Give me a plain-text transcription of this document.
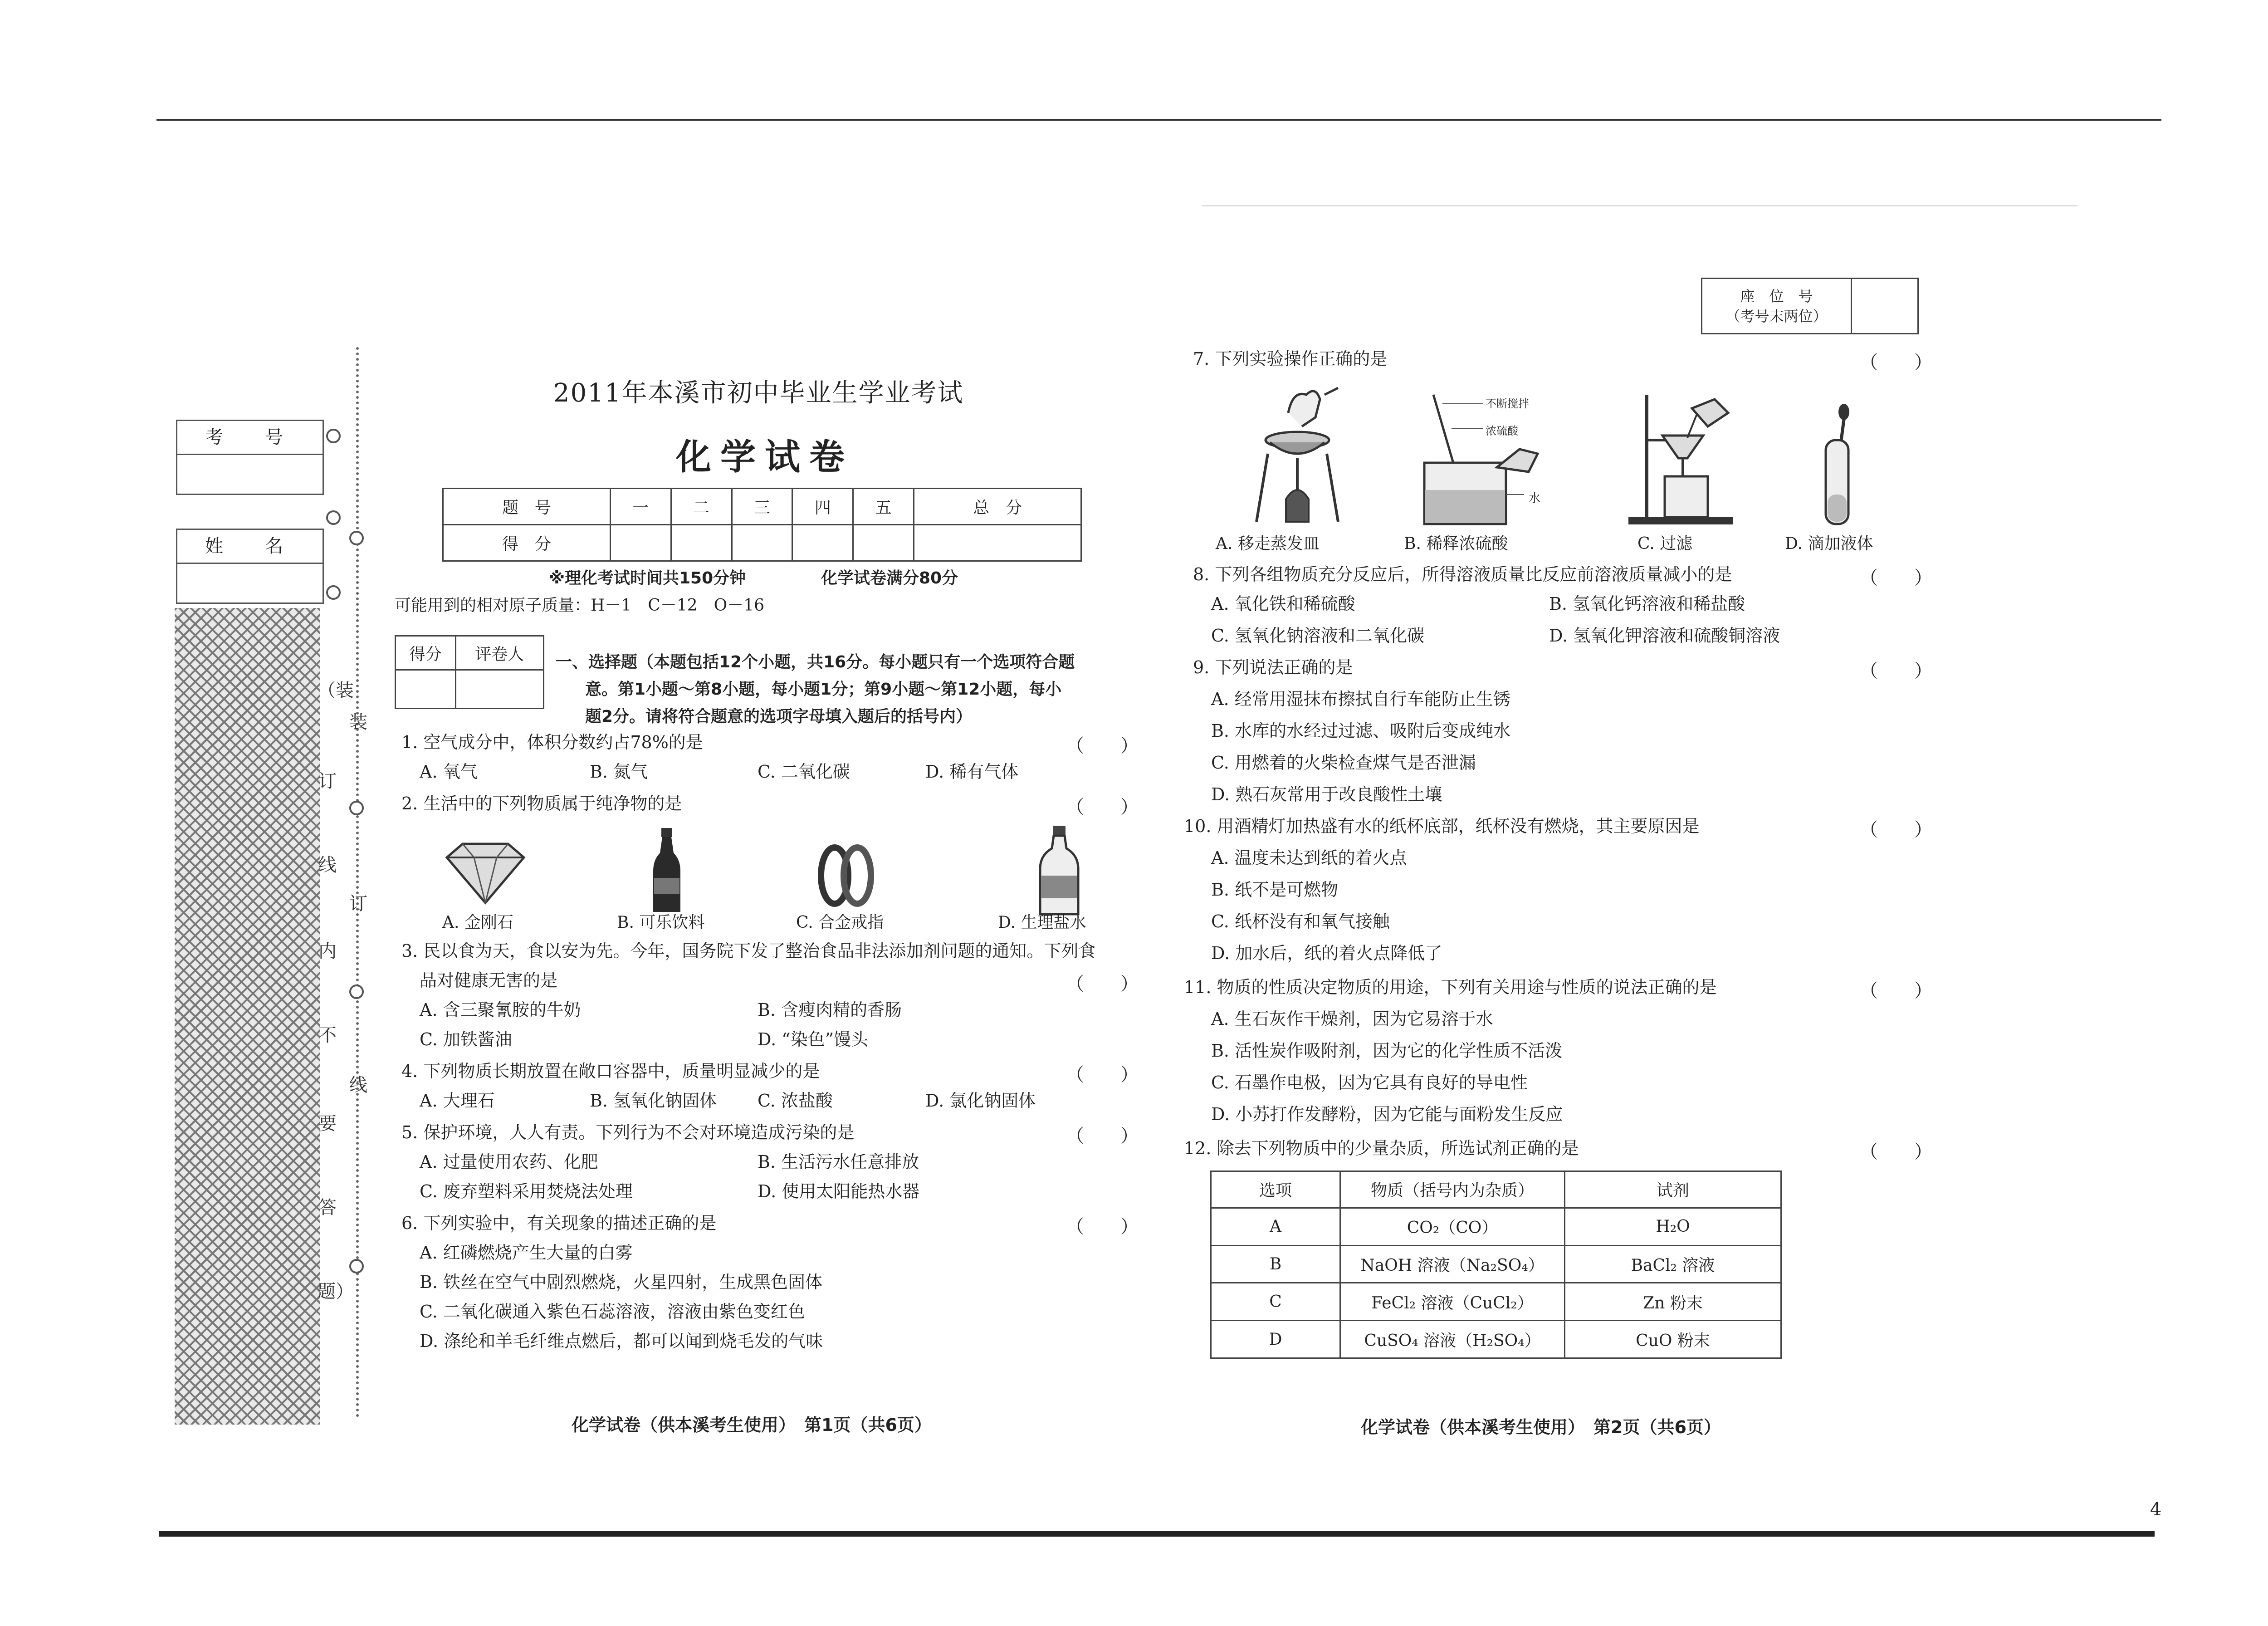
4
考　号
姓　名
（装
装
订
线
订
内
不
线
要
答
题）
2011年本溪市初中毕业生学业考试
化学试卷
题　号	一	二	三	四	五	总　分
得　分						
※理化考试时间共150分钟	化学试卷满分80分
可能用到的相对原子质量：H－1　C－12　O－16
得分	评卷人
	一、选择题（本题包括12个小题，共16分。每小题只有一个选项符合题
意。第1小题～第8小题，每小题1分；第9小题～第12小题，每小
题2分。请将符合题意的选项字母填入题后的括号内）
1. 空气成分中，体积分数约占78%的是	（　　）
A. 氧气	B. 氮气	C. 二氧化碳	D. 稀有气体
2. 生活中的下列物质属于纯净物的是	（　　）
A. 金刚石	B. 可乐饮料	C. 合金戒指	D. 生理盐水
3. 民以食为天，食以安为先。今年，国务院下发了整治食品非法添加剂问题的通知。下列食
品对健康无害的是	（　　）
A. 含三聚氰胺的牛奶	B. 含瘦肉精的香肠
C. 加铁酱油	D. “染色”馒头
4. 下列物质长期放置在敞口容器中，质量明显减少的是	（　　）
A. 大理石	B. 氢氧化钠固体 C. 浓盐酸	D. 氯化钠固体
5. 保护环境，人人有责。下列行为不会对环境造成污染的是	（　　）
A. 过量使用农药、化肥	B. 生活污水任意排放
C. 废弃塑料采用焚烧法处理	D. 使用太阳能热水器
6. 下列实验中，有关现象的描述正确的是	（　　）
A. 红磷燃烧产生大量的白雾
B. 铁丝在空气中剧烈燃烧，火星四射，生成黑色固体
C. 二氧化碳通入紫色石蕊溶液，溶液由紫色变红色
D. 涤纶和羊毛纤维点燃后，都可以闻到烧毛发的气味
化学试卷（供本溪考生使用）　第1页（共6页）
座　位　号
（考号末两位）

7. 下列实验操作正确的是	（　　）
不断搅拌
浓硫酸
水
A. 移走蒸发皿	B. 稀释浓硫酸	C. 过滤	D. 滴加液体
8. 下列各组物质充分反应后，所得溶液质量比反应前溶液质量减小的是	（　　）
A. 氧化铁和稀硫酸	B. 氢氧化钙溶液和稀盐酸
C. 氢氧化钠溶液和二氧化碳	D. 氢氧化钾溶液和硫酸铜溶液
9. 下列说法正确的是	（　　）
A. 经常用湿抹布擦拭自行车能防止生锈
B. 水库的水经过过滤、吸附后变成纯水
C. 用燃着的火柴检查煤气是否泄漏
D. 熟石灰常用于改良酸性土壤
10. 用酒精灯加热盛有水的纸杯底部，纸杯没有燃烧，其主要原因是	（　　）
A. 温度未达到纸的着火点
B. 纸不是可燃物
C. 纸杯没有和氧气接触
D. 加水后，纸的着火点降低了
11. 物质的性质决定物质的用途，下列有关用途与性质的说法正确的是	（　　）
A. 生石灰作干燥剂，因为它易溶于水
B. 活性炭作吸附剂，因为它的化学性质不活泼
C. 石墨作电极，因为它具有良好的导电性
D. 小苏打作发酵粉，因为它能与面粉发生反应
12. 除去下列物质中的少量杂质，所选试剂正确的是	（　　）
选项	物质（括号内为杂质）	试剂
A	CO₂（CO）	H₂O
B	NaOH 溶液（Na₂SO₄）	BaCl₂ 溶液
C	FeCl₂ 溶液（CuCl₂）	Zn 粉末
D	CuSO₄ 溶液（H₂SO₄）	CuO 粉末
化学试卷（供本溪考生使用）　第2页（共6页）
